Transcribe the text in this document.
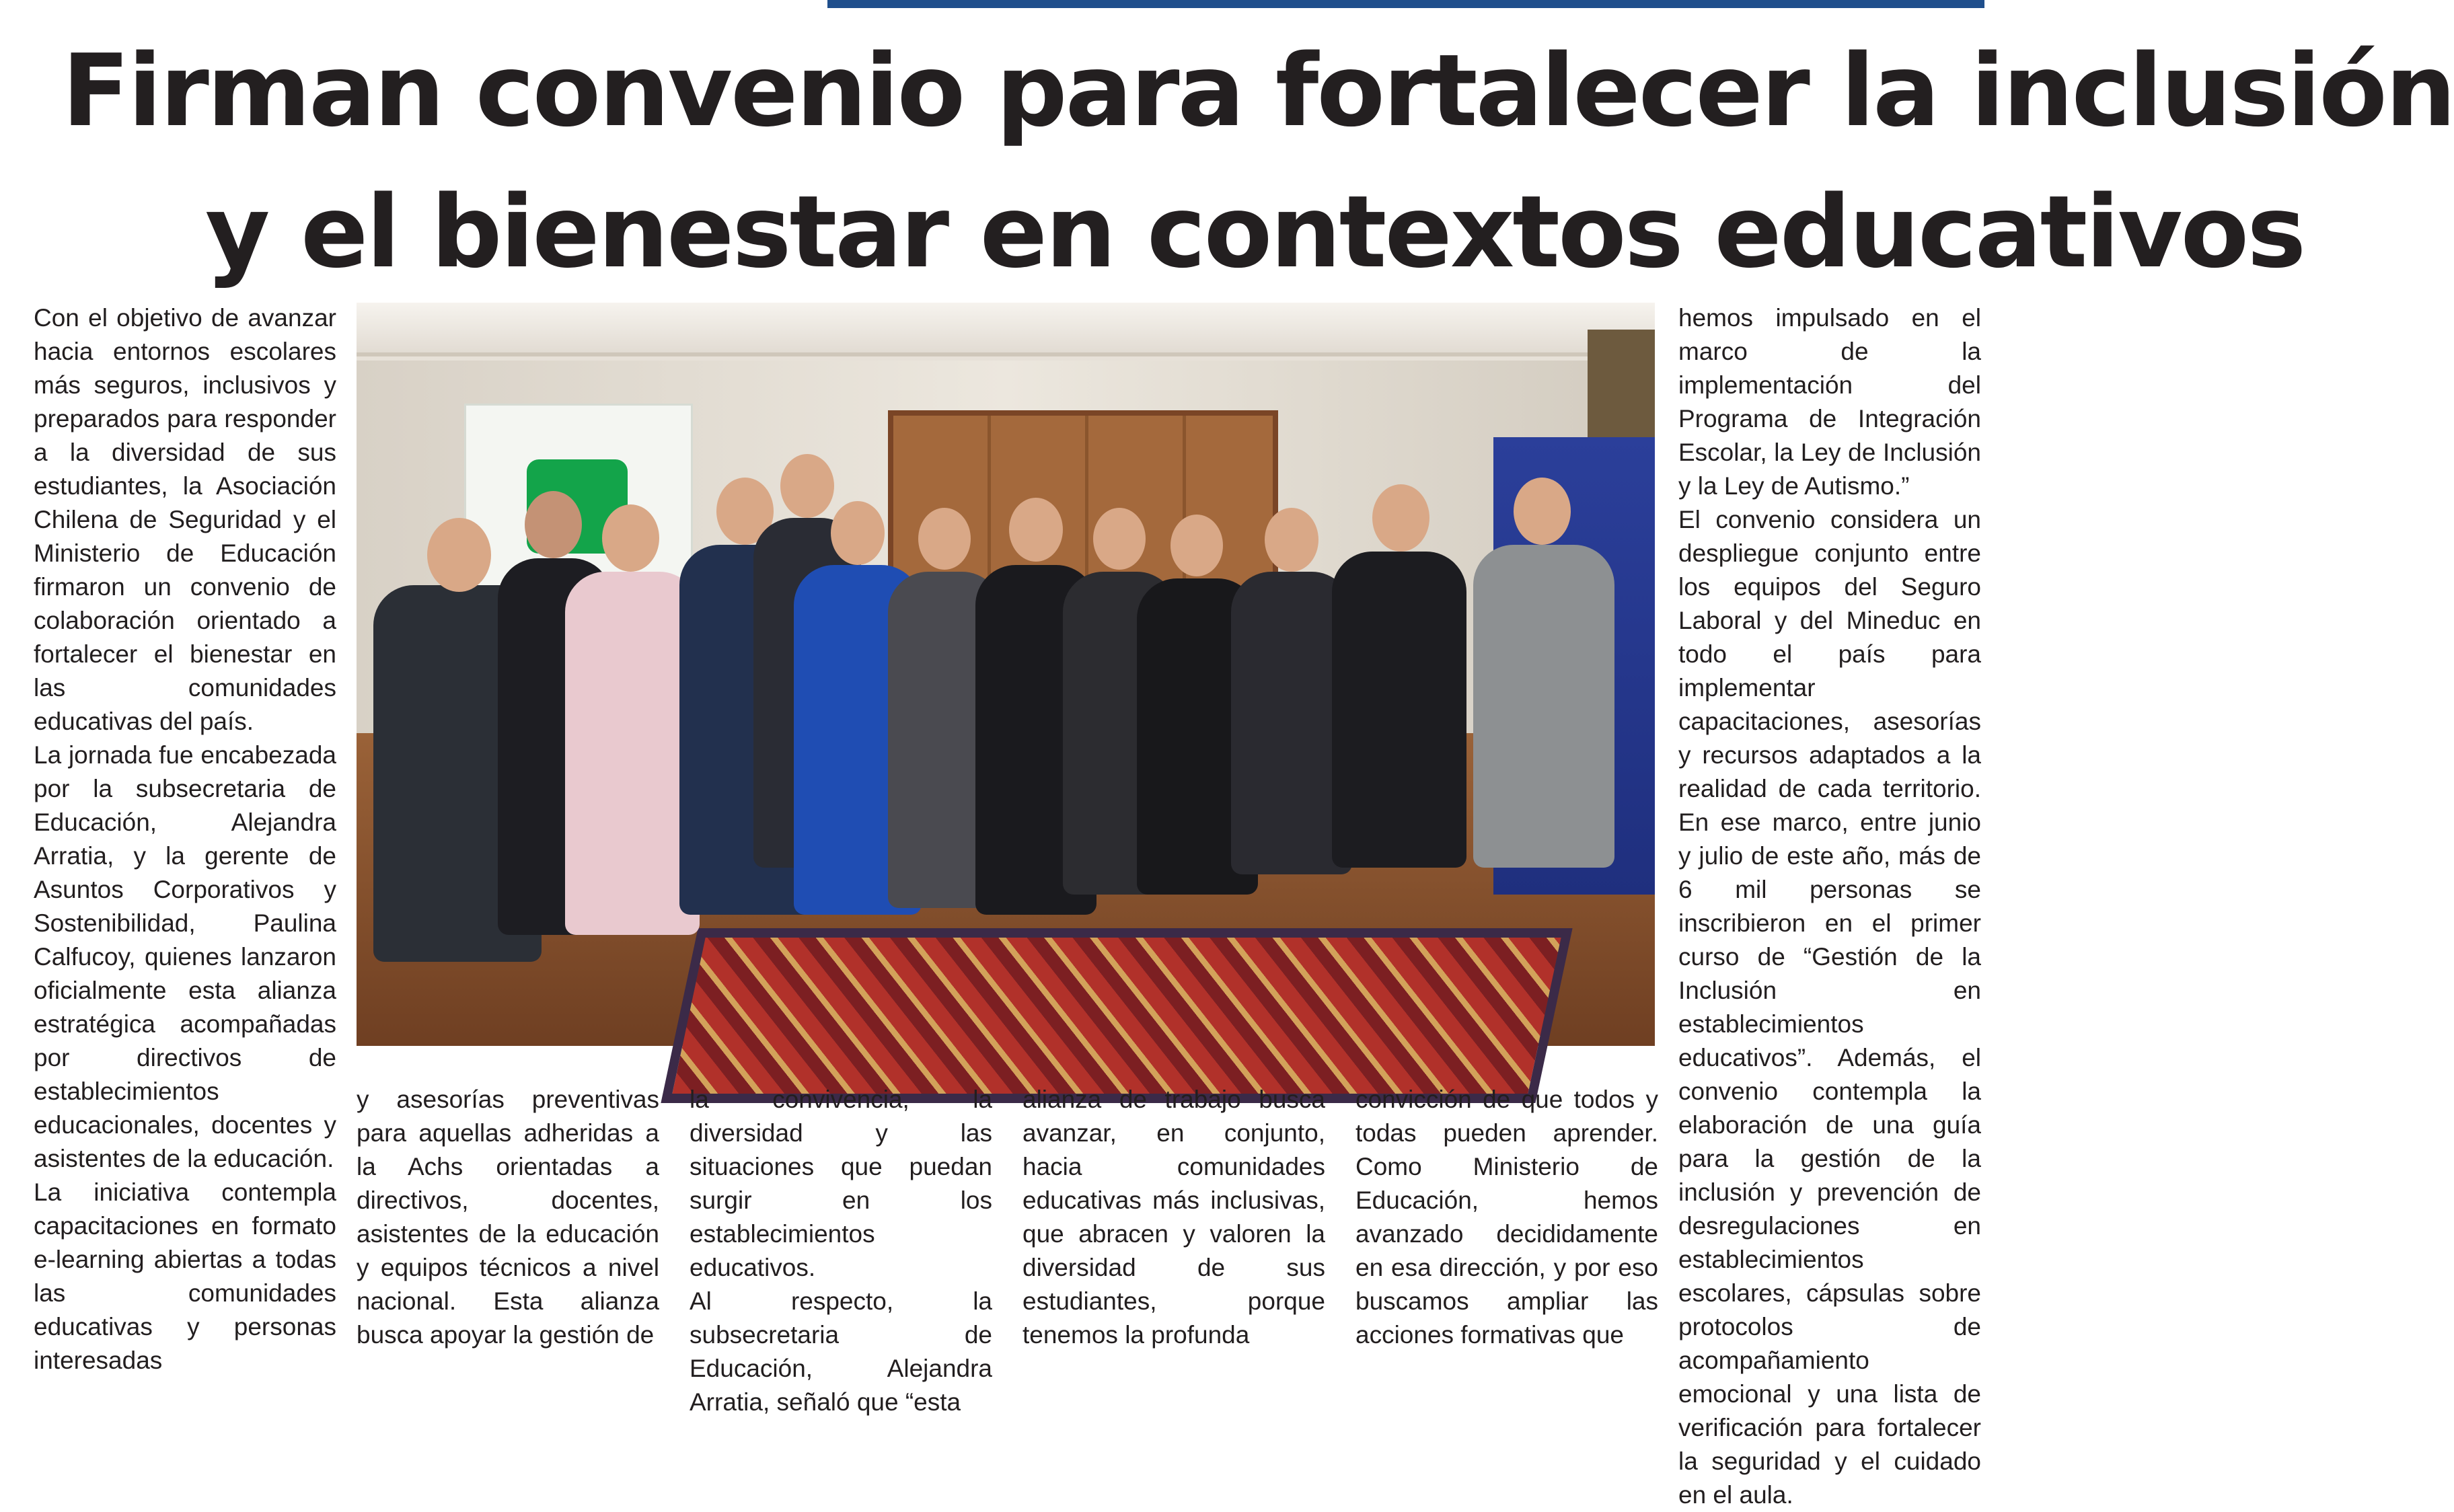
Firman convenio para fortalecer la inclusión
y el bienestar en contextos educativos

Con el objetivo de avanzar hacia entornos escolares más seguros, inclusivos y preparados para responder a la diversidad de sus estudiantes, la Asociación Chilena de Seguridad y el Ministerio de Educación firmaron un convenio de colaboración orientado a fortalecer el bienestar en las comunidades educativas del país.

La jornada fue encabezada por la subsecretaria de Educación, Alejandra Arratia, y la gerente de Asuntos Corporativos y Sostenibilidad, Paulina Calfucoy, quienes lanzaron oficialmente esta alianza estratégica acompañadas por directivos de establecimientos educacionales, docentes y asistentes de la educación.

La iniciativa contempla capacitaciones en formato e-learning abiertas a todas las comunidades educativas y personas interesadas

y asesorías preventivas para aquellas adheridas a la Achs orientadas a directivos, docentes, asistentes de la educación y equipos técnicos a nivel nacional. Esta alianza busca apoyar la gestión de

la convivencia, la diversidad y las situaciones que puedan surgir en los establecimientos educativos.

Al respecto, la subsecretaria de Educación, Alejandra Arratia, señaló que “esta

alianza de trabajo busca avanzar, en conjunto, hacia comunidades educativas más inclusivas, que abracen y valoren la diversidad de sus estudiantes, porque tenemos la profunda

convicción de que todos y todas pueden aprender. Como Ministerio de Educación, hemos avanzado decididamente en esa dirección, y por eso buscamos ampliar las acciones formativas que

hemos impulsado en el marco de la implementación del Programa de Integración Escolar, la Ley de Inclusión y la Ley de Autismo.”

El convenio considera un despliegue conjunto entre los equipos del Seguro Laboral y del Mineduc en todo el país para implementar capacitaciones, asesorías y recursos adaptados a la realidad de cada territorio. En ese marco, entre junio y julio de este año, más de 6 mil personas se inscribieron en el primer curso de “Gestión de la Inclusión en establecimientos educativos”. Además, el convenio contempla la elaboración de una guía para la gestión de la inclusión y prevención de desregulaciones en establecimientos escolares, cápsulas sobre protocolos de acompañamiento emocional y una lista de verificación para fortalecer la seguridad y el cuidado en el aula.
